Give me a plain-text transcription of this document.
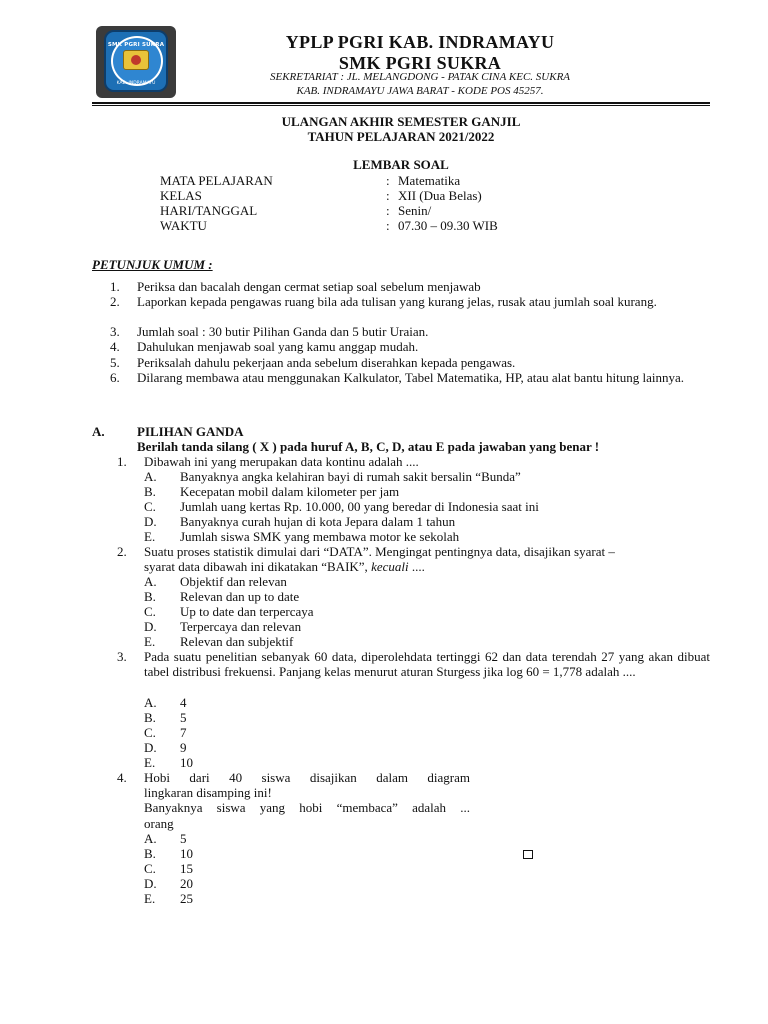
SMK PGRI SUKRA
KAB. INDRAMAYU
YPLP PGRI KAB. INDRAMAYU
SMK PGRI SUKRA
SEKRETARIAT : JL. MELANGDONG - PATAK CINA KEC. SUKRA
KAB. INDRAMAYU JAWA BARAT - KODE POS 45257.
ULANGAN AKHIR SEMESTER GANJIL
TAHUN PELAJARAN 2021/2022
LEMBAR SOAL
MATA PELAJARAN	: Matematika
KELAS	: XII (Dua Belas)
HARI/TANGGAL	: Senin/
WAKTU	: 07.30 – 09.30 WIB
PETUNJUK UMUM :
1. Periksa dan bacalah dengan cermat setiap soal sebelum menjawab
2. Laporkan kepada pengawas ruang bila ada tulisan yang kurang jelas, rusak atau jumlah soal kurang.
3. Jumlah soal : 30 butir Pilihan Ganda dan 5 butir Uraian.
4. Dahulukan menjawab soal yang kamu anggap mudah.
5. Periksalah dahulu pekerjaan anda sebelum diserahkan kepada pengawas.
6. Dilarang membawa atau menggunakan Kalkulator, Tabel Matematika, HP, atau alat bantu hitung lainnya.
A. PILIHAN GANDA
Berilah tanda silang ( X ) pada huruf A, B, C, D, atau E pada jawaban yang benar !
1. Dibawah ini yang merupakan data kontinu adalah ....
A. Banyaknya angka kelahiran bayi di rumah sakit bersalin “Bunda”
B. Kecepatan mobil dalam kilometer per jam
C. Jumlah uang kertas Rp. 10.000, 00 yang beredar di Indonesia saat ini
D. Banyaknya curah hujan di kota Jepara dalam 1 tahun
E. Jumlah siswa SMK yang membawa motor ke sekolah
2. Suatu proses statistik dimulai dari “DATA”. Mengingat pentingnya data, disajikan syarat –
syarat data dibawah ini dikatakan “BAIK”, kecuali ....
A. Objektif dan relevan
B. Relevan dan up to date
C. Up to date dan terpercaya
D. Terpercaya dan relevan
E. Relevan dan subjektif
3. Pada suatu penelitian sebanyak 60 data, diperolehdata tertinggi 62 dan data terendah 27 yang akan dibuat tabel distribusi frekuensi. Panjang kelas menurut aturan Sturgess jika log 60 = 1,778 adalah ....
A. 4
B. 5
C. 7
D. 9
E. 10
4. Hobi dari 40 siswa disajikan dalam diagram
lingkaran disamping ini!
Banyaknya siswa yang hobi “membaca” adalah ...
orang
A. 5
B. 10
C. 15
D. 20
E. 25
